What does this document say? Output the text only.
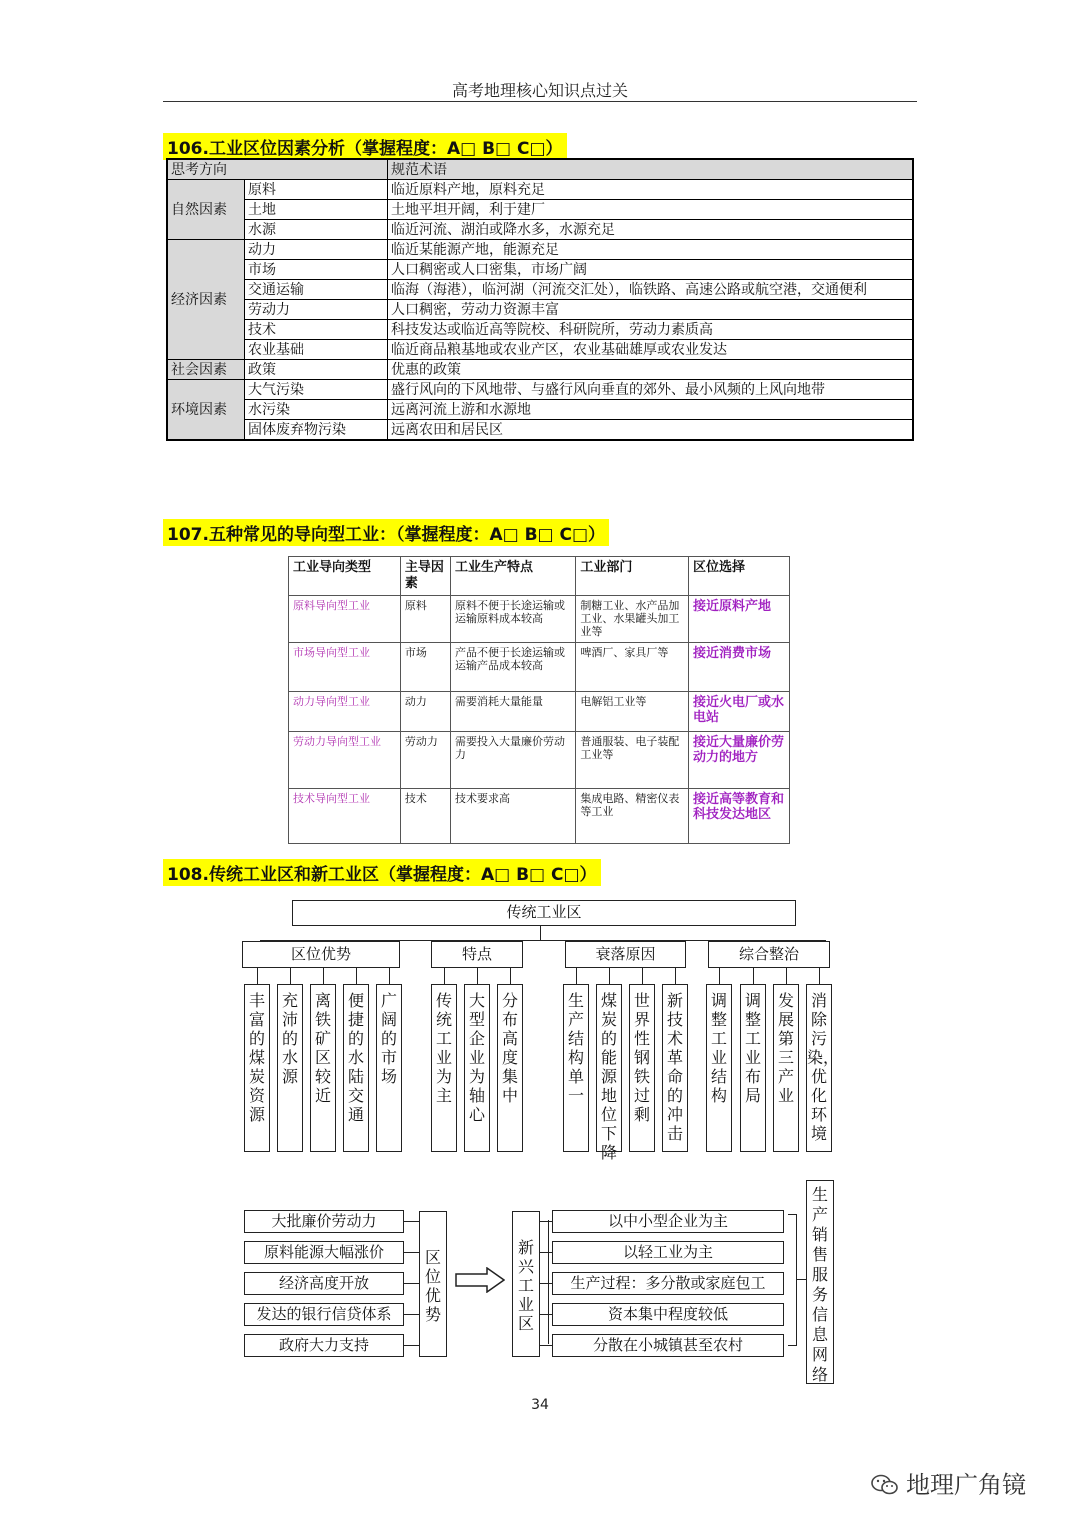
高考地理核心知识点过关
106.工业区位因素分析（掌握程度：A□ B□ C□）
思考方向		规范术语
自然因素	原料	临近原料产地，原料充足
	土地	土地平坦开阔，利于建厂
	水源	临近河流、湖泊或降水多，水源充足
经济因素	动力	临近某能源产地，能源充足
	市场	人口稠密或人口密集，市场广阔
	交通运输	临海（海港），临河湖（河流交汇处），临铁路、高速公路或航空港，交通便利
	劳动力	人口稠密，劳动力资源丰富
	技术	科技发达或临近高等院校、科研院所，劳动力素质高
	农业基础	临近商品粮基地或农业产区，农业基础雄厚或农业发达
社会因素	政策	优惠的政策
环境因素	大气污染	盛行风向的下风地带、与盛行风向垂直的郊外、最小风频的上风向地带
	水污染	远离河流上游和水源地
	固体废弃物污染	远离农田和居民区
107.五种常见的导向型工业：（掌握程度：A□ B□ C□）
工业导向类型	主导因素	工业生产特点	工业部门	区位选择
原料导向型工业	原料	原料不便于长途运输或运输原料成本较高	制糖工业、水产品加工业、水果罐头加工业等	接近原料产地
市场导向型工业	市场	产品不便于长途运输或运输产品成本较高	啤酒厂、家具厂等	接近消费市场
动力导向型工业	动力	需要消耗大量能量	电解铝工业等	接近火电厂或水电站
劳动力导向型工业	劳动力	需要投入大量廉价劳动力	普通服装、电子装配工业等	接近大量廉价劳动力的地方
技术导向型工业	技术	技术要求高	集成电路、精密仪表等工业	接近高等教育和科技发达地区
108.传统工业区和新工业区（掌握程度：A□ B□ C□）
传统工业区
区位优势
丰富的煤炭资源
充沛的水源
离铁矿区较近
便捷的水陆交通
广阔的市场
特点
传统工业为主
大型企业为轴心
分布高度集中
衰落原因
生产结构单一
煤炭的能源地位下降
世界性钢铁过剩
新技术革命的冲击
综合整治
调整工业结构
调整工业布局
发展第三产业
消除污染，优化环境
大批廉价劳动力
原料能源大幅涨价
经济高度开放
发达的银行信贷体系
政府大力支持
区位优势
新兴工业区
以中小型企业为主
以轻工业为主
生产过程：多分散或家庭包工
资本集中程度较低
分散在小城镇甚至农村
生产销售服务信息网络
34
地理广角镜
